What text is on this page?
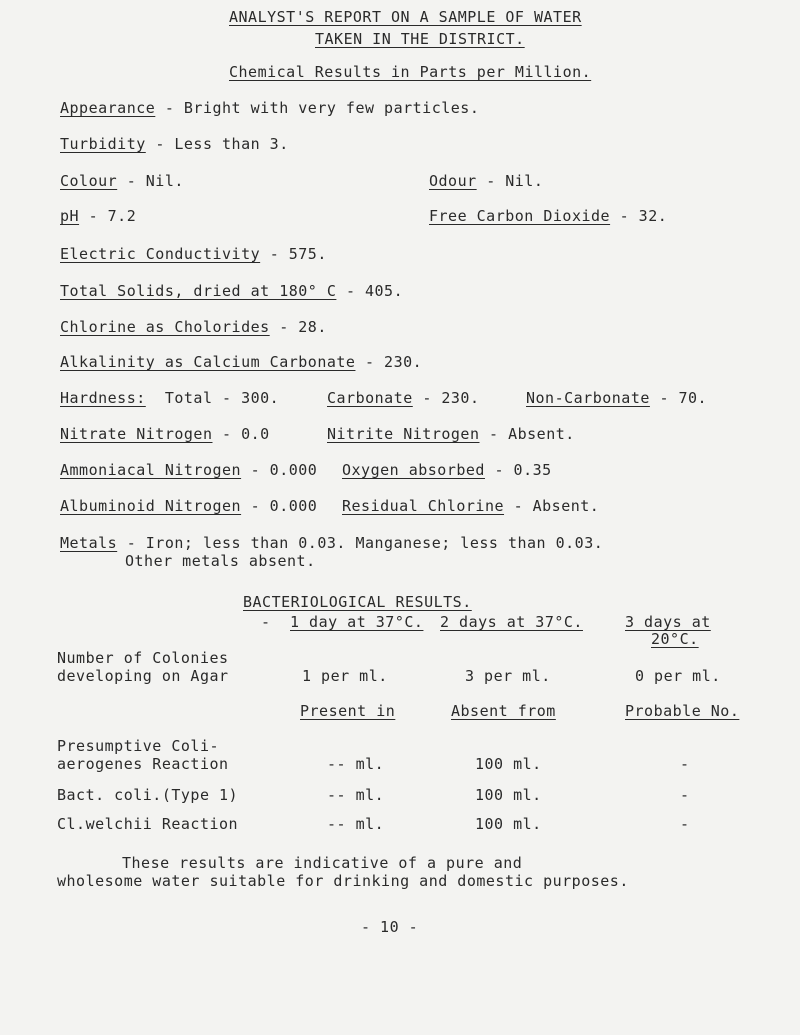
ANALYST'S REPORT ON A SAMPLE OF WATER
TAKEN IN THE DISTRICT.
Chemical Results in Parts per Million.
Appearance - Bright with very few particles.
Turbidity - Less than 3.
Colour - Nil.	Odour - Nil.
pH - 7.2	Free Carbon Dioxide - 32.
Electric Conductivity - 575.
Total Solids, dried at 180° C - 405.
Chlorine as Cholorides - 28.
Alkalinity as Calcium Carbonate - 230.
Hardness: Total - 300.	Carbonate - 230.	Non-Carbonate - 70.
Nitrate Nitrogen - 0.0	Nitrite Nitrogen - Absent.
Ammoniacal Nitrogen - 0.000 Oxygen absorbed - 0.35
Albuminoid Nitrogen - 0.000 Residual Chlorine - Absent.
Metals - Iron; less than 0.03. Manganese; less than 0.03.
Other metals absent.
BACTERIOLOGICAL RESULTS.
- 1 day at 37°C. 2 days at 37°C.	3 days at
20°C.
Number of Colonies
developing on Agar	1 per ml.	3 per ml.	0 per ml.
Present in	Absent from	Probable No.
Presumptive Coli-
aerogenes Reaction	-- ml.	100 ml.	-
Bact. coli.(Type 1)	-- ml.	100 ml.	-
Cl.welchii Reaction	-- ml.	100 ml.	-
These results are indicative of a pure and
wholesome water suitable for drinking and domestic purposes.
- 10 -
